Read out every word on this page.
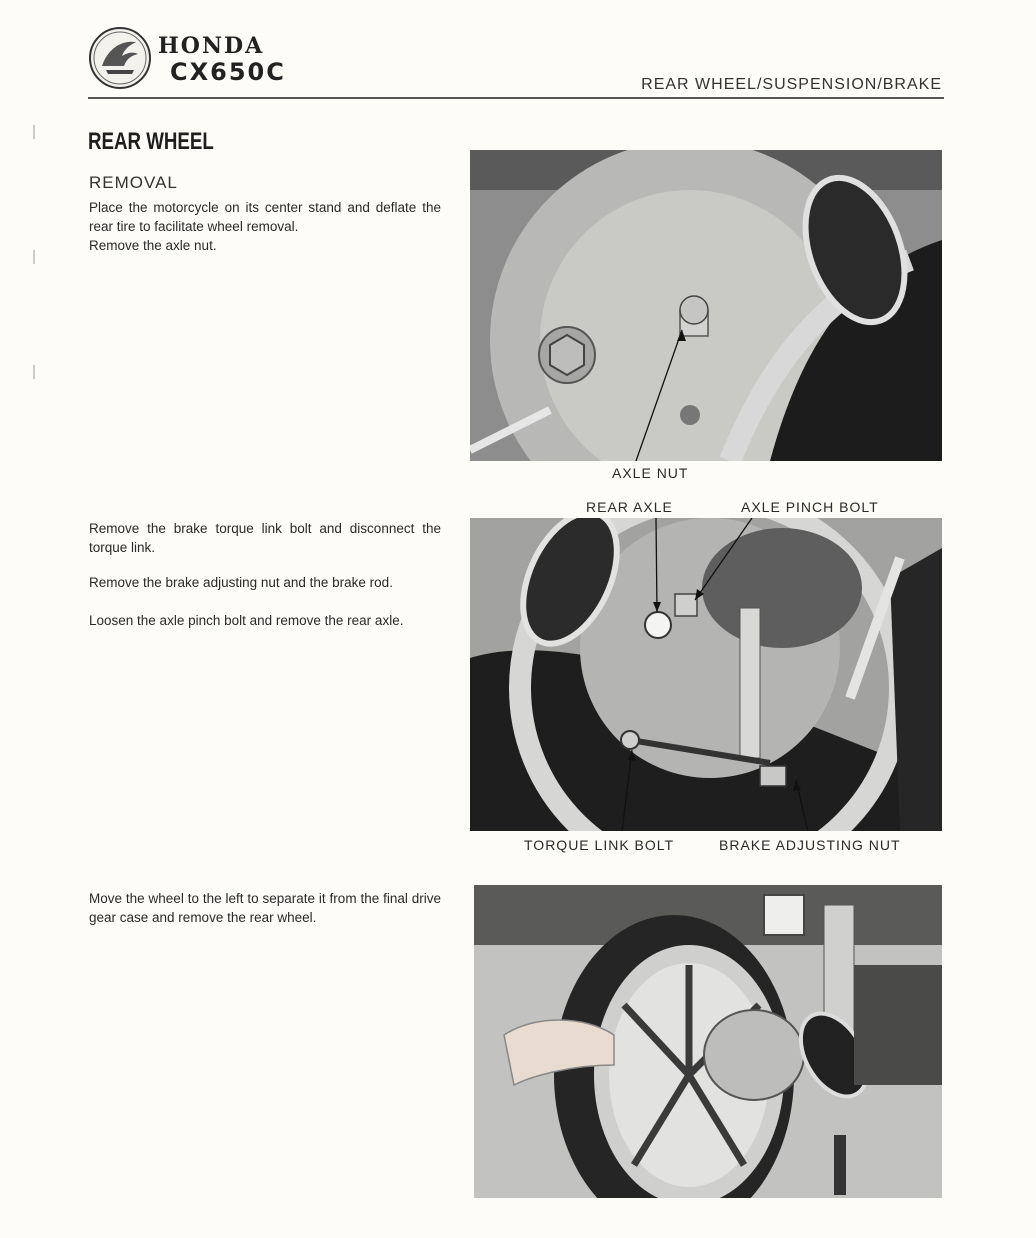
HONDA
CX650C	REAR WHEEL/SUSPENSION/BRAKE
REAR WHEEL
REMOVAL
Place the motorcycle on its center stand and deflate the rear tire to facilitate wheel removal.
Remove the axle nut.
Remove the brake torque link bolt and disconnect the torque link.
Remove the brake adjusting nut and the brake rod.
Loosen the axle pinch bolt and remove the rear axle.
Move the wheel to the left to separate it from the final drive gear case and remove the rear wheel.
AXLE NUT
REAR AXLE	AXLE PINCH BOLT
TORQUE LINK BOLT	BRAKE ADJUSTING NUT
